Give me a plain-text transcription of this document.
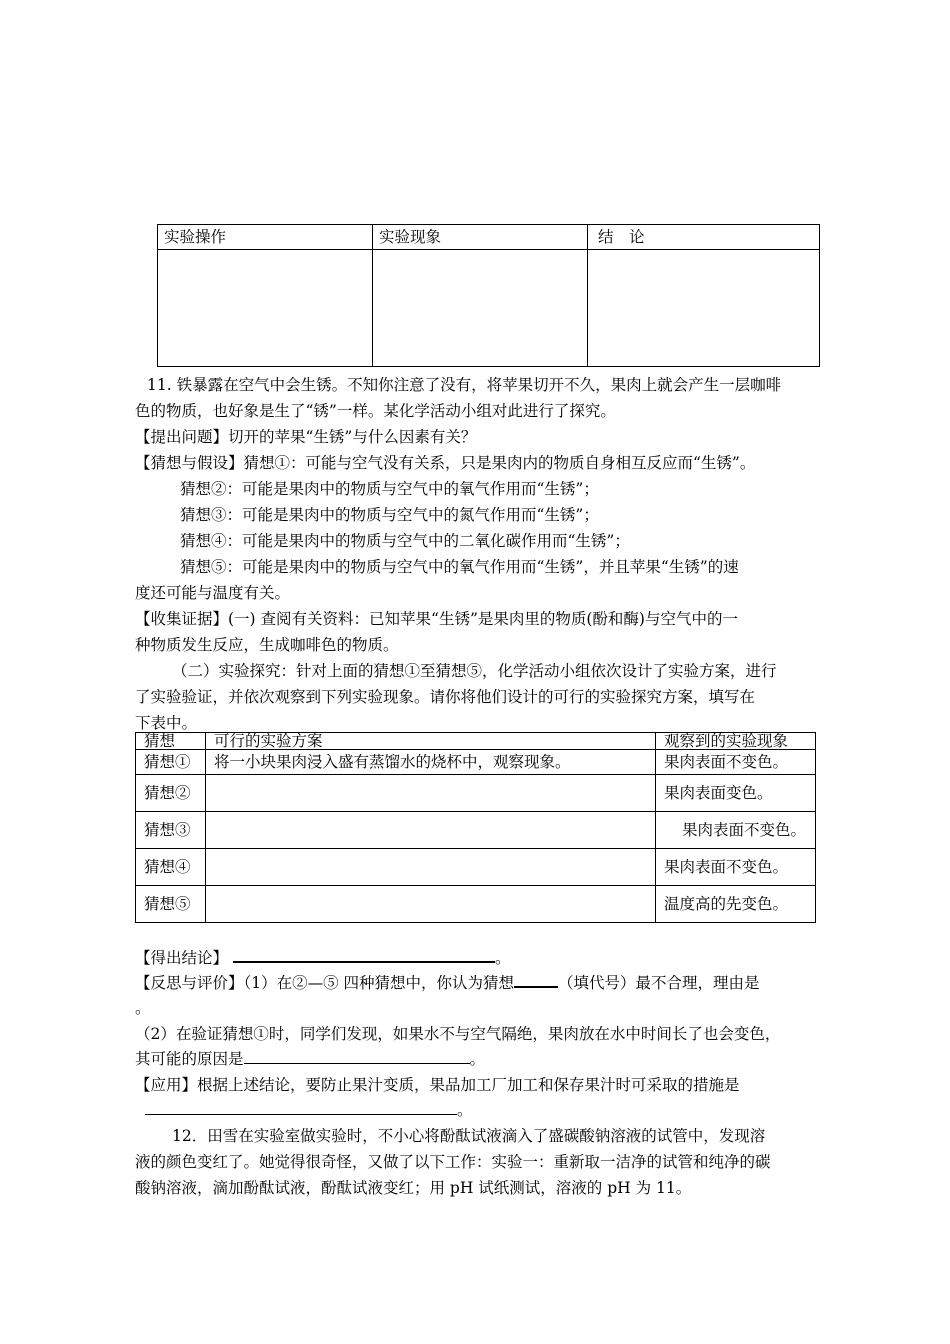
实验操作	实验现象	结　论

11. 铁暴露在空气中会生锈。不知你注意了没有，将苹果切开不久，果肉上就会产生一层咖啡
色的物质，也好象是生了“锈”一样。某化学活动小组对此进行了探究。
【提出问题】切开的苹果“生锈”与什么因素有关？
【猜想与假设】猜想①：可能与空气没有关系，只是果肉内的物质自身相互反应而“生锈”。
猜想②：可能是果肉中的物质与空气中的氧气作用而“生锈”；
猜想③：可能是果肉中的物质与空气中的氮气作用而“生锈”；
猜想④：可能是果肉中的物质与空气中的二氧化碳作用而“生锈”；
猜想⑤：可能是果肉中的物质与空气中的氧气作用而“生锈”，并且苹果“生锈”的速
度还可能与温度有关。
【收集证据】(一) 查阅有关资料：已知苹果“生锈”是果肉里的物质(酚和酶)与空气中的一
种物质发生反应，生成咖啡色的物质。
（二）实验探究：针对上面的猜想①至猜想⑤，化学活动小组依次设计了实验方案，进行
了实验验证，并依次观察到下列实验现象。请你将他们设计的可行的实验探究方案，填写在
下表中。
猜想	可行的实验方案	观察到的实验现象
猜想①	将一小块果肉浸入盛有蒸馏水的烧杯中，观察现象。	果肉表面不变色。
猜想②		果肉表面变色。
猜想③		果肉表面不变色。
猜想④		果肉表面不变色。
猜想⑤		温度高的先变色。
【得出结论】	。
【反思与评价】（1）在②—⑤ 四种猜想中，你认为猜想	（填代号）最不合理，理由是
。
（2）在验证猜想①时，同学们发现，如果水不与空气隔绝，果肉放在水中时间长了也会变色，
其可能的原因是	。
【应用】根据上述结论，要防止果汁变质，果品加工厂加工和保存果汁时可采取的措施是
。
12．田雪在实验室做实验时，不小心将酚酞试液滴入了盛碳酸钠溶液的试管中，发现溶
液的颜色变红了。她觉得很奇怪，又做了以下工作：实验一：重新取一洁净的试管和纯净的碳
酸钠溶液，滴加酚酞试液，酚酞试液变红；用 pH 试纸测试，溶液的 pH 为 11。
